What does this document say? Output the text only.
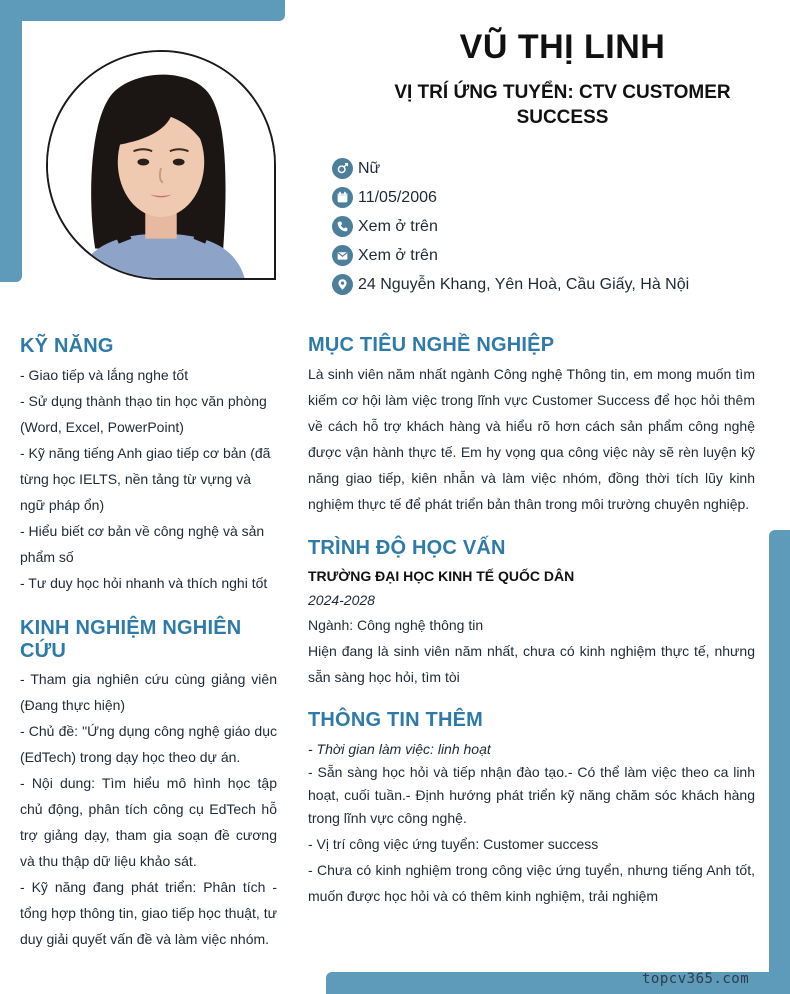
VŨ THỊ LINH
VỊ TRÍ ỨNG TUYỂN: CTV CUSTOMER SUCCESS
Nữ
11/05/2006
Xem ở trên
Xem ở trên
24 Nguyễn Khang, Yên Hoà, Cầu Giấy, Hà Nội
KỸ NĂNG
- Giao tiếp và lắng nghe tốt
- Sử dụng thành thạo tin học văn phòng (Word, Excel, PowerPoint)
- Kỹ năng tiếng Anh giao tiếp cơ bản (đã từng học IELTS, nền tảng từ vựng và ngữ pháp ổn)
- Hiểu biết cơ bản về công nghệ và sản phẩm số
- Tư duy học hỏi nhanh và thích nghi tốt
KINH NGHIỆM NGHIÊN CỨU
- Tham gia nghiên cứu cùng giảng viên (Đang thực hiện)
- Chủ đề: "Ứng dụng công nghệ giáo dục (EdTech) trong dạy học theo dự án.
- Nội dung: Tìm hiểu mô hình học tập chủ động, phân tích công cụ EdTech hỗ trợ giảng dạy, tham gia soạn đề cương và thu thập dữ liệu khảo sát.
- Kỹ năng đang phát triển: Phân tích - tổng hợp thông tin, giao tiếp học thuật, tư duy giải quyết vấn đề và làm việc nhóm.
MỤC TIÊU NGHỀ NGHIỆP
Là sinh viên năm nhất ngành Công nghệ Thông tin, em mong muốn tìm kiếm cơ hội làm việc trong lĩnh vực Customer Success để học hỏi thêm về cách hỗ trợ khách hàng và hiểu rõ hơn cách sản phẩm công nghệ được vận hành thực tế. Em hy vọng qua công việc này sẽ rèn luyện kỹ năng giao tiếp, kiên nhẫn và làm việc nhóm, đồng thời tích lũy kinh nghiệm thực tế để phát triển bản thân trong môi trường chuyên nghiệp.
TRÌNH ĐỘ HỌC VẤN
TRƯỜNG ĐẠI HỌC KINH TẾ QUỐC DÂN
2024-2028
Ngành: Công nghệ thông tin
Hiện đang là sinh viên năm nhất, chưa có kinh nghiệm thực tế, nhưng sẵn sàng học hỏi, tìm tòi
THÔNG TIN THÊM
- Thời gian làm việc: linh hoạt
- Sẵn sàng học hỏi và tiếp nhận đào tạo.- Có thể làm việc theo ca linh hoạt, cuối tuần.- Định hướng phát triển kỹ năng chăm sóc khách hàng trong lĩnh vực công nghệ.
- Vị trí công việc ứng tuyển: Customer success
- Chưa có kinh nghiệm trong công việc ứng tuyển, nhưng tiếng Anh tốt, muốn được học hỏi và có thêm kinh nghiệm, trải nghiệm
topcv365.com
